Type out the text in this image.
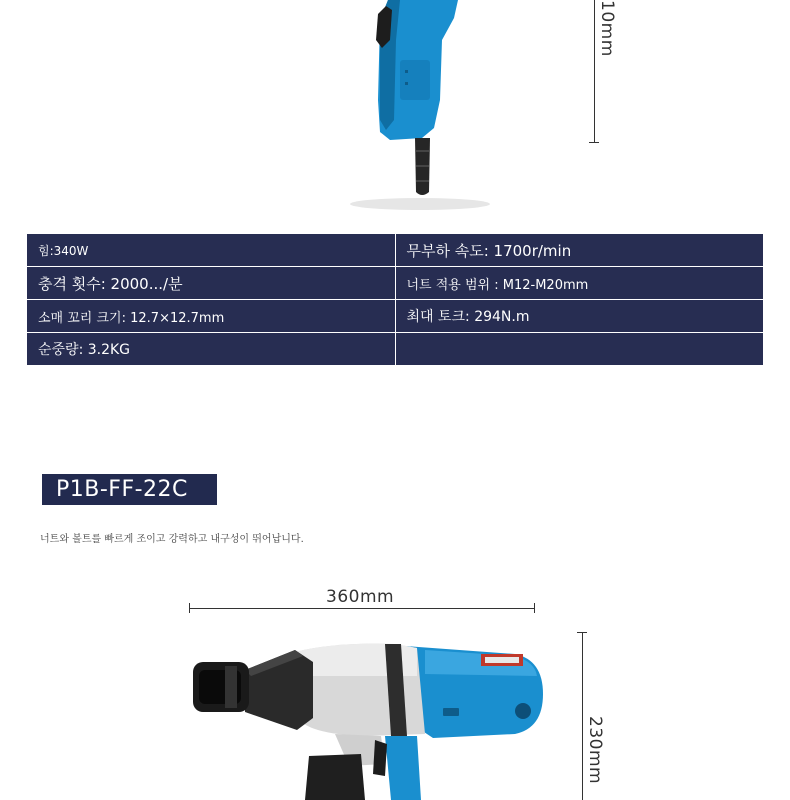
10mm
힘:340W	무부하 속도: 1700r/min
충격 횟수: 2000.../분	너트 적용 범위 : M12-M20mm
소매 꼬리 크기: 12.7×12.7mm	최대 토크: 294N.m
순중량: 3.2KG	
P1B-FF-22C
너트와 볼트를 빠르게 조이고 강력하고 내구성이 뛰어납니다.
360mm
230mm
